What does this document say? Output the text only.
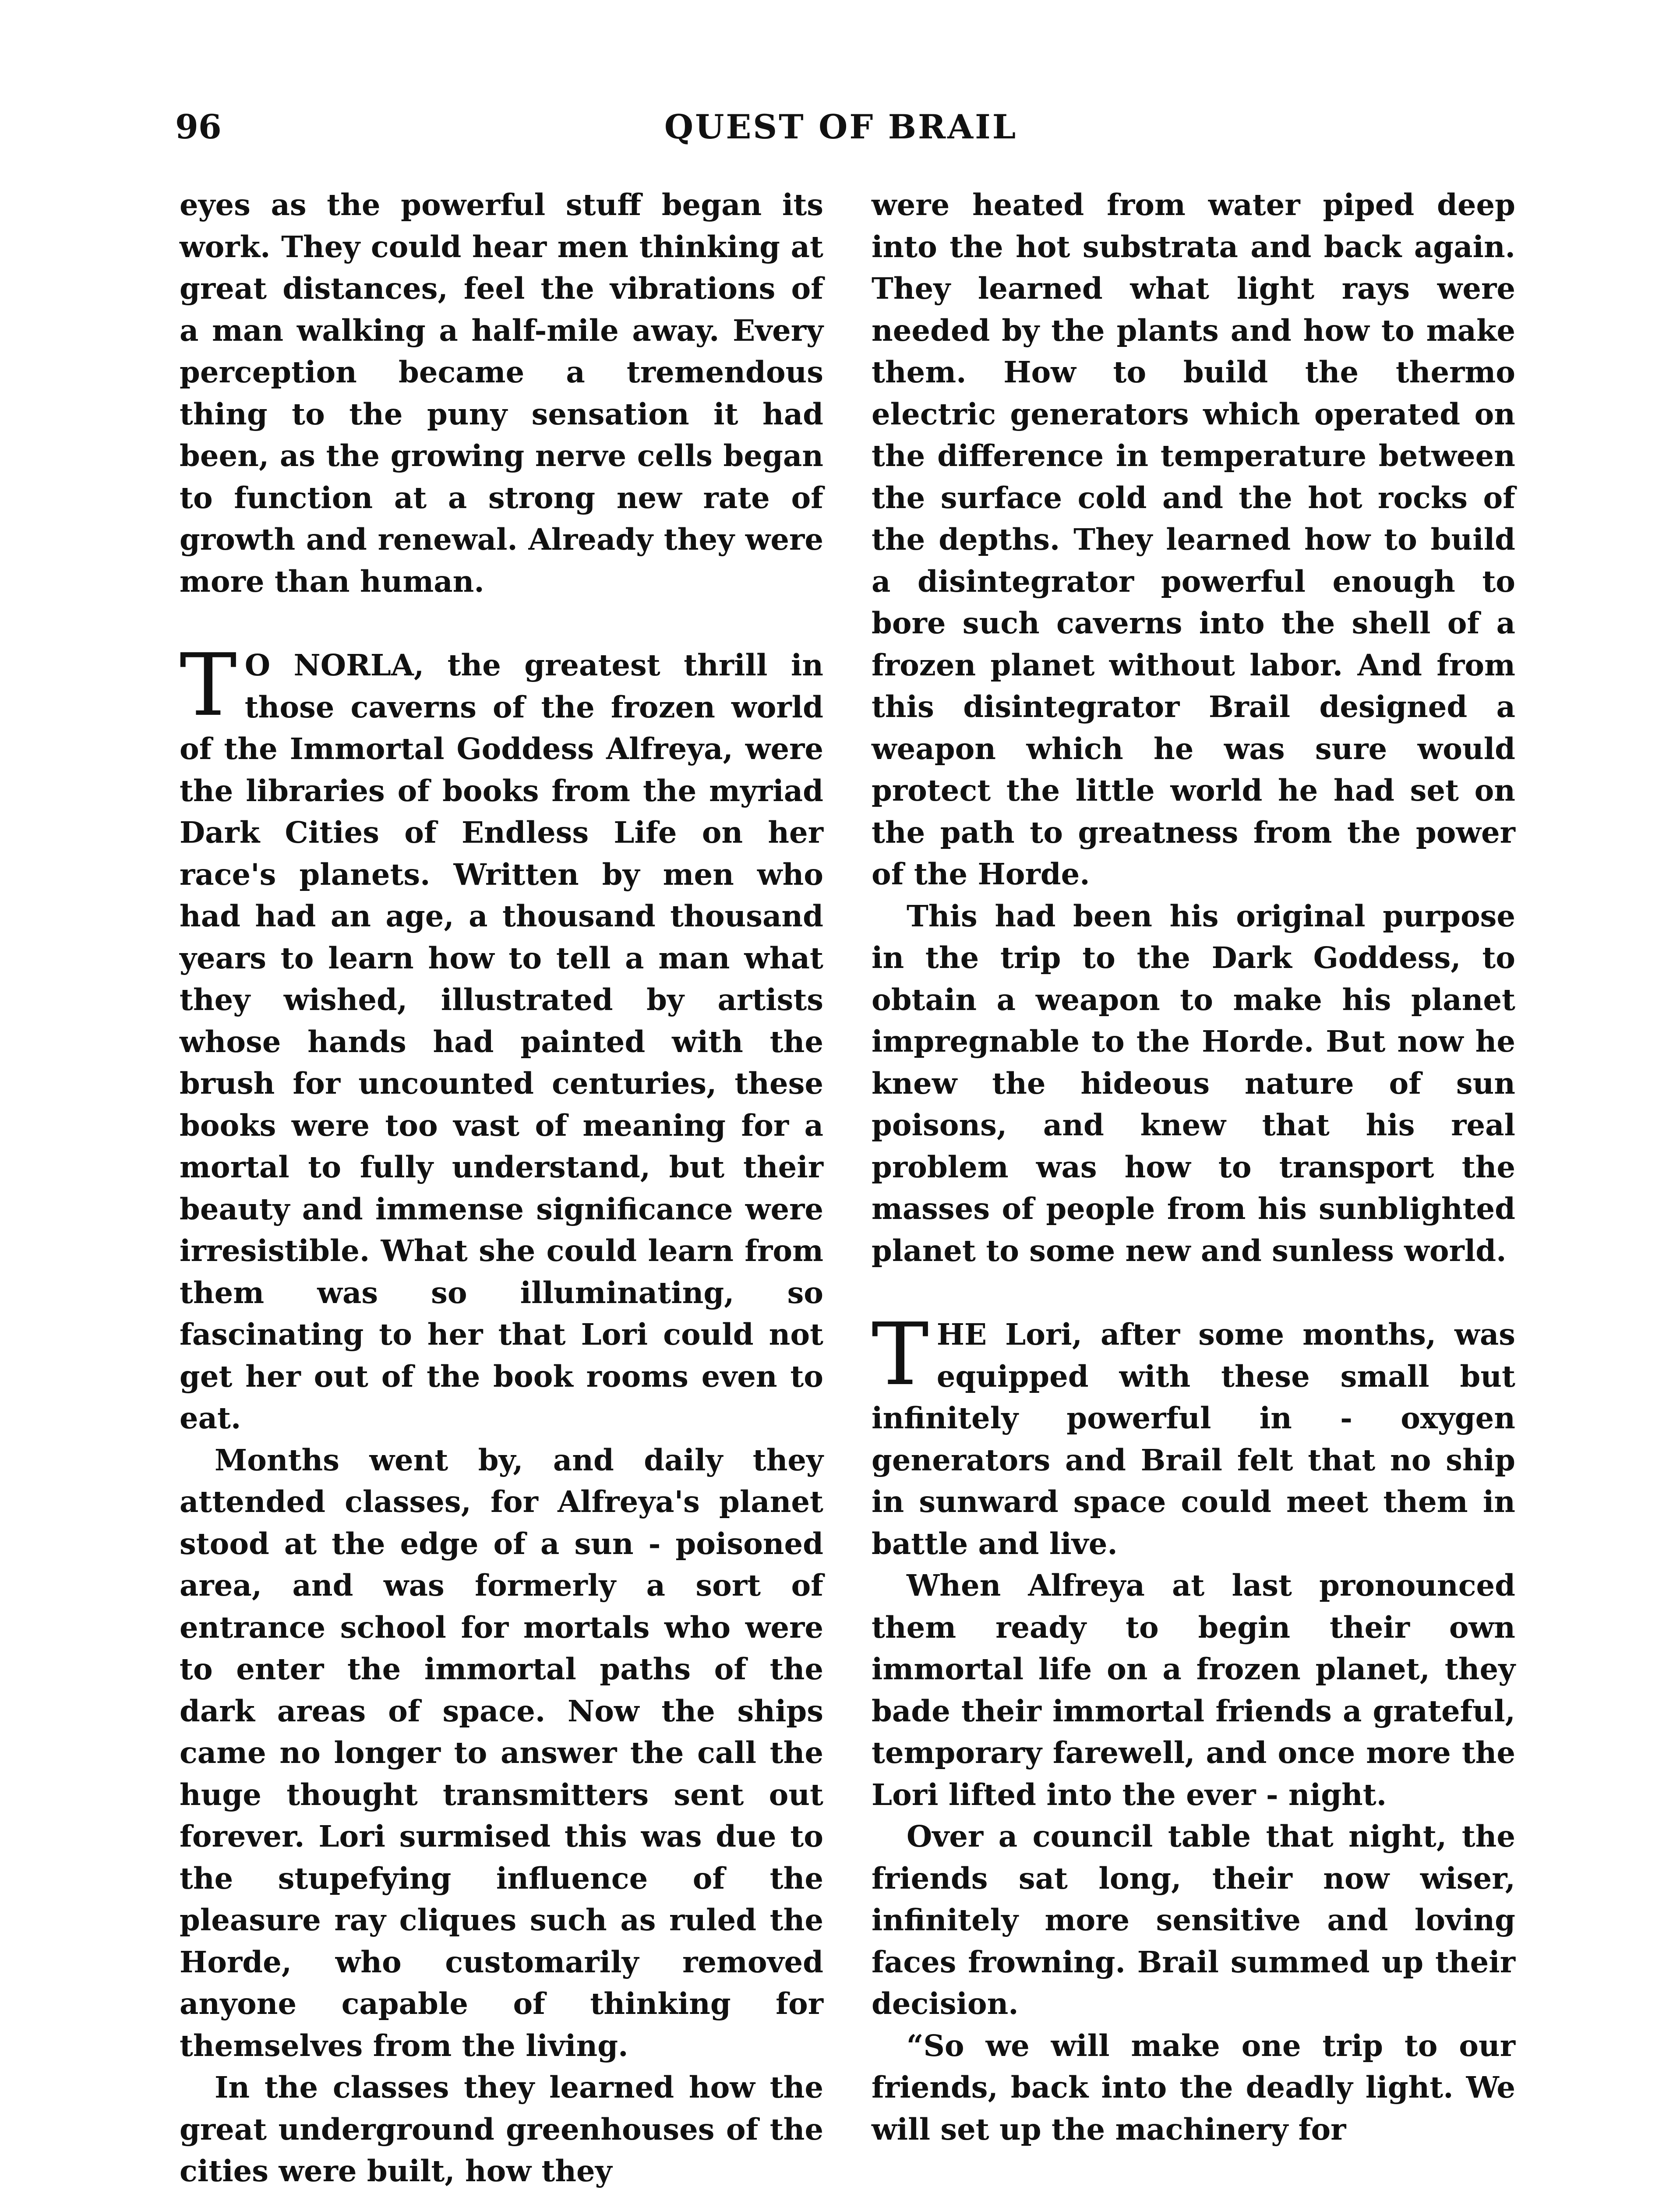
96	QUEST OF BRAIL

eyes as the powerful stuff began its work. They could hear men thinking at great distances, feel the vibrations of a man walking a half-mile away. Every perception became a tremendous thing to the puny sensation it had been, as the growing nerve cells began to function at a strong new rate of growth and renewal. Already they were more than human.

T O NORLA, the greatest thrill in those caverns of the frozen world of the Immortal Goddess Alfreya, were the libraries of books from the myriad Dark Cities of Endless Life on her race's planets. Written by men who had had an age, a thousand thousand years to learn how to tell a man what they wished, illustrated by artists whose hands had painted with the brush for uncounted centuries, these books were too vast of meaning for a mortal to fully understand, but their beauty and immense significance were irresistible. What she could learn from them was so illuminating, so fascinating to her that Lori could not get her out of the book rooms even to eat.

Months went by, and daily they attended classes, for Alfreya's planet stood at the edge of a sun - poisoned area, and was formerly a sort of entrance school for mortals who were to enter the immortal paths of the dark areas of space. Now the ships came no longer to answer the call the huge thought transmitters sent out forever. Lori surmised this was due to the stupefying influence of the pleasure ray cliques such as ruled the Horde, who customarily removed anyone capable of thinking for themselves from the living.

In the classes they learned how the great underground greenhouses of the cities were built, how they

were heated from water piped deep into the hot substrata and back again. They learned what light rays were needed by the plants and how to make them. How to build the thermo electric generators which operated on the difference in temperature between the surface cold and the hot rocks of the depths. They learned how to build a disintegrator powerful enough to bore such caverns into the shell of a frozen planet without labor. And from this disintegrator Brail designed a weapon which he was sure would protect the little world he had set on the path to greatness from the power of the Horde.

This had been his original purpose in the trip to the Dark Goddess, to obtain a weapon to make his planet impregnable to the Horde. But now he knew the hideous nature of sun poisons, and knew that his real problem was how to transport the masses of people from his sunblighted planet to some new and sunless world.

THE Lori, after some months, was equipped with these small but infinitely powerful in - oxygen generators and Brail felt that no ship in sunward space could meet them in battle and live.

When Alfreya at last pronounced them ready to begin their own immortal life on a frozen planet, they bade their immortal friends a grateful, temporary farewell, and once more the Lori lifted into the ever - night.

Over a council table that night, the friends sat long, their now wiser, infinitely more sensitive and loving faces frowning. Brail summed up their decision.

“So we will make one trip to our friends, back into the deadly light. We will set up the machinery for
